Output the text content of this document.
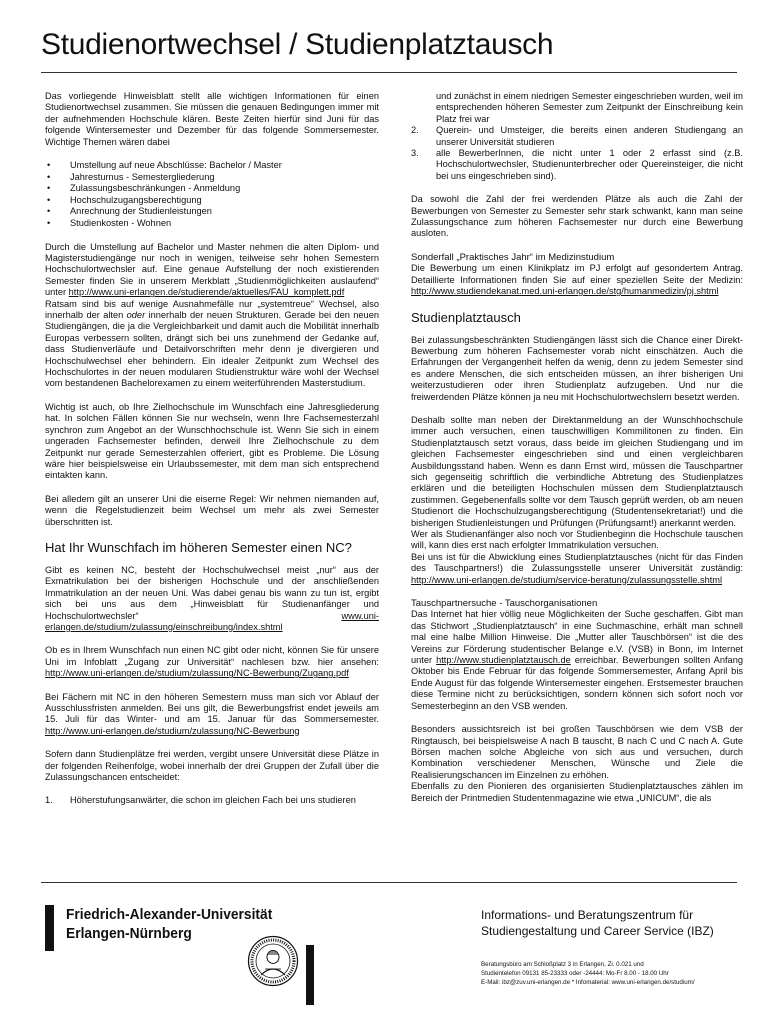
Studienortwechsel / Studienplatztausch

Das vorliegende Hinweisblatt stellt alle wichtigen Informationen für einen Studienortwechsel zusammen. Sie müssen die genauen Bedingungen immer mit der aufnehmenden Hochschule klären. Beste Zeiten hierfür sind Juni für das folgende Wintersemester und Dezember für das folgende Sommersemester. Wichtige Themen wären dabei

• Umstellung auf neue Abschlüsse: Bachelor / Master
• Jahresturnus - Semestergliederung
• Zulassungsbeschränkungen - Anmeldung
• Hochschulzugangsberechtigung
• Anrechnung der Studienleistungen
• Studienkosten - Wohnen

Durch die Umstellung auf Bachelor und Master nehmen die alten Diplom- und Magisterstudiengänge nur noch in wenigen, teilweise sehr hohen Semestern Hochschulortwechsler auf. Eine genaue Aufstellung der noch existierenden Semester finden Sie in unserem Merkblatt „Studienmöglichkeiten auslaufend“ unter http://www.uni-erlangen.de/studierende/aktuelles/FAU_komplett.pdf
Ratsam sind bis auf wenige Ausnahmefälle nur „systemtreue“ Wechsel, also innerhalb der alten oder innerhalb der neuen Strukturen. Gerade bei den neuen Studiengängen, die ja die Vergleichbarkeit und damit auch die Mobilität innerhalb Europas verbessern sollten, drängt sich bei uns zunehmend der Gedanke auf, dass Studienverläufe und Detailvorschriften mehr denn je divergieren und Hochschulwechsel eher behindern. Ein idealer Zeitpunkt zum Wechsel des Hochschulortes in der neuen modularen Studienstruktur wäre wohl der Wechsel vom bestandenen Bachelorexamen zu einem weiterführenden Masterstudium.

Wichtig ist auch, ob Ihre Zielhochschule im Wunschfach eine Jahresgliederung hat. In solchen Fällen können Sie nur wechseln, wenn Ihre Fachsemesterzahl synchron zum Angebot an der Wunschhochschule ist. Wenn Sie sich in einem ungeraden Fachsemester befinden, derweil Ihre Zielhochschule zu dem Zeitpunkt nur gerade Semesterzahlen offeriert, gibt es Probleme. Die Lösung wäre hier beispielsweise ein Urlaubssemester, mit dem man sich entsprechend eintakten kann.

Bei alledem gilt an unserer Uni die eiserne Regel: Wir nehmen niemanden auf, wenn die Regelstudienzeit beim Wechsel um mehr als zwei Semester überschritten ist.

Hat Ihr Wunschfach im höheren Semester einen NC?

Gibt es keinen NC, besteht der Hochschulwechsel meist „nur“ aus der Exmatrikulation bei der bisherigen Hochschule und der anschließenden Immatrikulation an der neuen Uni. Was dabei genau bis wann zu tun ist, ergibt sich bei uns aus dem „Hinweisblatt für Studienanfänger und Hochschulortwechsler“ www.uni-erlangen.de/studium/zulassung/einschreibung/index.shtml

Ob es in Ihrem Wunschfach nun einen NC gibt oder nicht, können Sie für unsere Uni im Infoblatt „Zugang zur Universität“ nachlesen bzw. hier ansehen: http://www.uni-erlangen.de/studium/zulassung/NC-Bewerbung/Zugang.pdf

Bei Fächern mit NC in den höheren Semestern muss man sich vor Ablauf der Ausschlussfristen anmelden. Bei uns gilt, die Bewerbungsfrist endet jeweils am 15. Juli für das Winter- und am 15. Januar für das Sommersemester. http://www.uni-erlangen.de/studium/zulassung/NC-Bewerbung

Sofern dann Studienplätze frei werden, vergibt unsere Universität diese Plätze in der folgenden Reihenfolge, wobei innerhalb der drei Gruppen der Zufall über die Zulassungschancen entscheidet:

1. Höherstufungsanwärter, die schon im gleichen Fach bei uns studieren
und zunächst in einem niedrigen Semester eingeschrieben wurden, weil im entsprechenden höheren Semester zum Zeitpunkt der Einschreibung kein Platz frei war
2. Querein- und Umsteiger, die bereits einen anderen Studiengang an unserer Universität studieren
3. alle BewerberInnen, die nicht unter 1 oder 2 erfasst sind (z.B. Hochschulortwechsler, Studienunterbrecher oder Quereinsteiger, die nicht bei uns eingeschrieben sind).

Da sowohl die Zahl der frei werdenden Plätze als auch die Zahl der Bewerbungen von Semester zu Semester sehr stark schwankt, kann man seine Zulassungschance zum höheren Fachsemester nur durch eine Bewerbung ausloten.

Sonderfall „Praktisches Jahr“ im Medizinstudium

Die Bewerbung um einen Klinikplatz im PJ erfolgt auf gesondertem Antrag. Detaillierte Informationen finden Sie auf einer speziellen Seite der Medizin: http://www.studiendekanat.med.uni-erlangen.de/stg/humanmedizin/pj.shtml

Studienplatztausch

Bei zulassungsbeschränkten Studiengängen lässt sich die Chance einer Direkt-Bewerbung zum höheren Fachsemester vorab nicht einschätzen. Auch die Erfahrungen der Vergangenheit helfen da wenig, denn zu jedem Semester sind es andere Menschen, die sich entscheiden müssen, an ihrer bisherigen Uni weiterzustudieren oder ihren Studienplatz aufzugeben. Und nur die freiwerdenden Plätze können ja neu mit Hochschulortwechslern besetzt werden.

Deshalb sollte man neben der Direktanmeldung an der Wunschhochschule immer auch versuchen, einen tauschwilligen Kommilitonen zu finden. Ein Studienplatztausch setzt voraus, dass beide im gleichen Studiengang und im gleichen Fachsemester eingeschrieben sind und einen vergleichbaren Ausbildungsstand haben. Wenn es dann Ernst wird, müssen die Tauschpartner sich gegenseitig schriftlich die verbindliche Abtretung des Studienplatzes erklären und die beteiligten Hochschulen müssen dem Studienplatztausch zustimmen. Gegebenenfalls sollte vor dem Tausch geprüft werden, ob am neuen Studienort die Hochschulzugangsberechtigung (Studentensekretariat!) und die bisherigen Studienleistungen und Prüfungen (Prüfungsamt!) anerkannt werden.

Wer als Studienanfänger also noch vor Studienbeginn die Hochschule tauschen will, kann dies erst nach erfolgter Immatrikulation versuchen.

Bei uns ist für die Abwicklung eines Studienplatztausches (nicht für das Finden des Tauschpartners!) die Zulassungsstelle unserer Universität zuständig: http://www.uni-erlangen.de/studium/service-beratung/zulassungsstelle.shtml

Tauschpartnersuche - Tauschorganisationen

Das Internet hat hier völlig neue Möglichkeiten der Suche geschaffen. Gibt man das Stichwort „Studienplatztausch“ in eine Suchmaschine, erhält man schnell mal eine halbe Million Hinweise. Die „Mutter aller Tauschbörsen“ ist die des Vereins zur Förderung studentischer Belange e.V. (VSB) in Bonn, im Internet unter http://www.studienplatztausch.de erreichbar. Bewerbungen sollten Anfang Oktober bis Ende Februar für das folgende Sommersemester, Anfang April bis Ende August für das folgende Wintersemester eingehen. Erstsemester brauchen diese Termine nicht zu berücksichtigen, sondern können sich sofort noch vor Semesterbeginn an den VSB wenden.

Besonders aussichtsreich ist bei großen Tauschbörsen wie dem VSB der Ringtausch, bei beispielsweise A nach B tauscht, B nach C und C nach A. Gute Börsen machen solche Abgleiche von sich aus und versuchen, durch Kombination verschiedener Menschen, Wünsche und Ziele die Realisierungschancen im Einzelnen zu erhöhen.

Ebenfalls zu den Pionieren des organisierten Studienplatztausches zählen im Bereich der Printmedien Studentenmagazine wie etwa „UNICUM“, die als

Friedrich-Alexander-Universität
Erlangen-Nürnberg
Informations- und Beratungszentrum für
Studiengestaltung und Career Service (IBZ)
Beratungsbüro am Schloßplatz 3 in Erlangen, Zi. 0.021 und
Studientelefon 09131 85-23333 oder -24444: Mo-Fr 8.00 - 18.00 Uhr
E-Mail: ibz@zuv.uni-erlangen.de * Infomaterial: www.uni-erlangen.de/studium/
